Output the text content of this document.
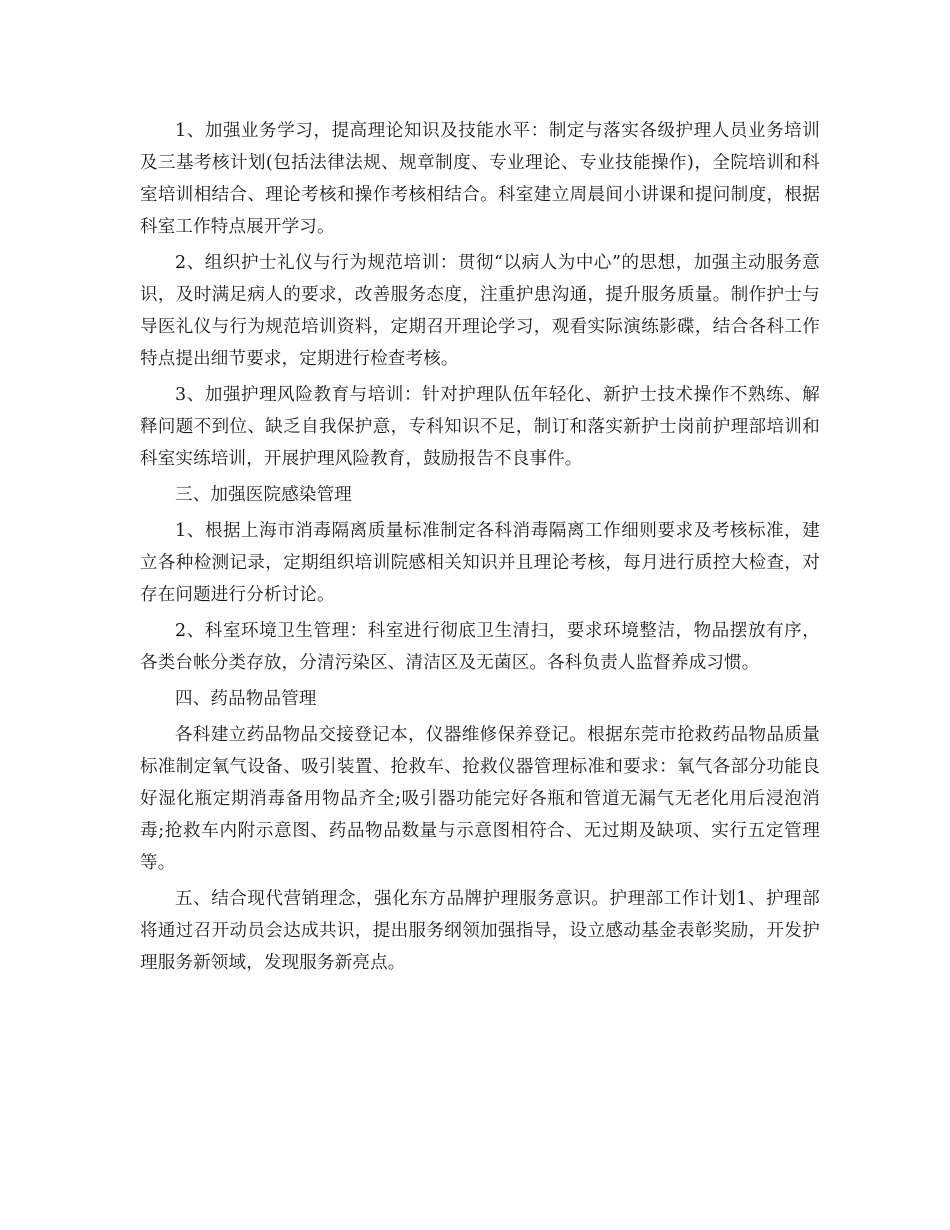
1、加强业务学习，提高理论知识及技能水平：制定与落实各级护理人员业务培训及三基考核计划(包括法律法规、规章制度、专业理论、专业技能操作)，全院培训和科室培训相结合、理论考核和操作考核相结合。科室建立周晨间小讲课和提问制度，根据科室工作特点展开学习。

2、组织护士礼仪与行为规范培训：贯彻“以病人为中心”的思想，加强主动服务意识，及时满足病人的要求，改善服务态度，注重护患沟通，提升服务质量。制作护士与导医礼仪与行为规范培训资料，定期召开理论学习，观看实际演练影碟，结合各科工作特点提出细节要求，定期进行检查考核。

3、加强护理风险教育与培训：针对护理队伍年轻化、新护士技术操作不熟练、解释问题不到位、缺乏自我保护意，专科知识不足，制订和落实新护士岗前护理部培训和科室实练培训，开展护理风险教育，鼓励报告不良事件。

三、加强医院感染管理

1、根据上海市消毒隔离质量标准制定各科消毒隔离工作细则要求及考核标准，建立各种检测记录，定期组织培训院感相关知识并且理论考核，每月进行质控大检查，对存在问题进行分析讨论。

2、科室环境卫生管理：科室进行彻底卫生清扫，要求环境整洁，物品摆放有序，各类台帐分类存放，分清污染区、清洁区及无菌区。各科负责人监督养成习惯。

四、药品物品管理

各科建立药品物品交接登记本，仪器维修保养登记。根据东莞市抢救药品物品质量标准制定氧气设备、吸引装置、抢救车、抢救仪器管理标准和要求：氧气各部分功能良好湿化瓶定期消毒备用物品齐全;吸引器功能完好各瓶和管道无漏气无老化用后浸泡消毒;抢救车内附示意图、药品物品数量与示意图相符合、无过期及缺项、实行五定管理等。

五、结合现代营销理念，强化东方品牌护理服务意识。护理部工作计划1、护理部将通过召开动员会达成共识，提出服务纲领加强指导，设立感动基金表彰奖励，开发护理服务新领域，发现服务新亮点。
